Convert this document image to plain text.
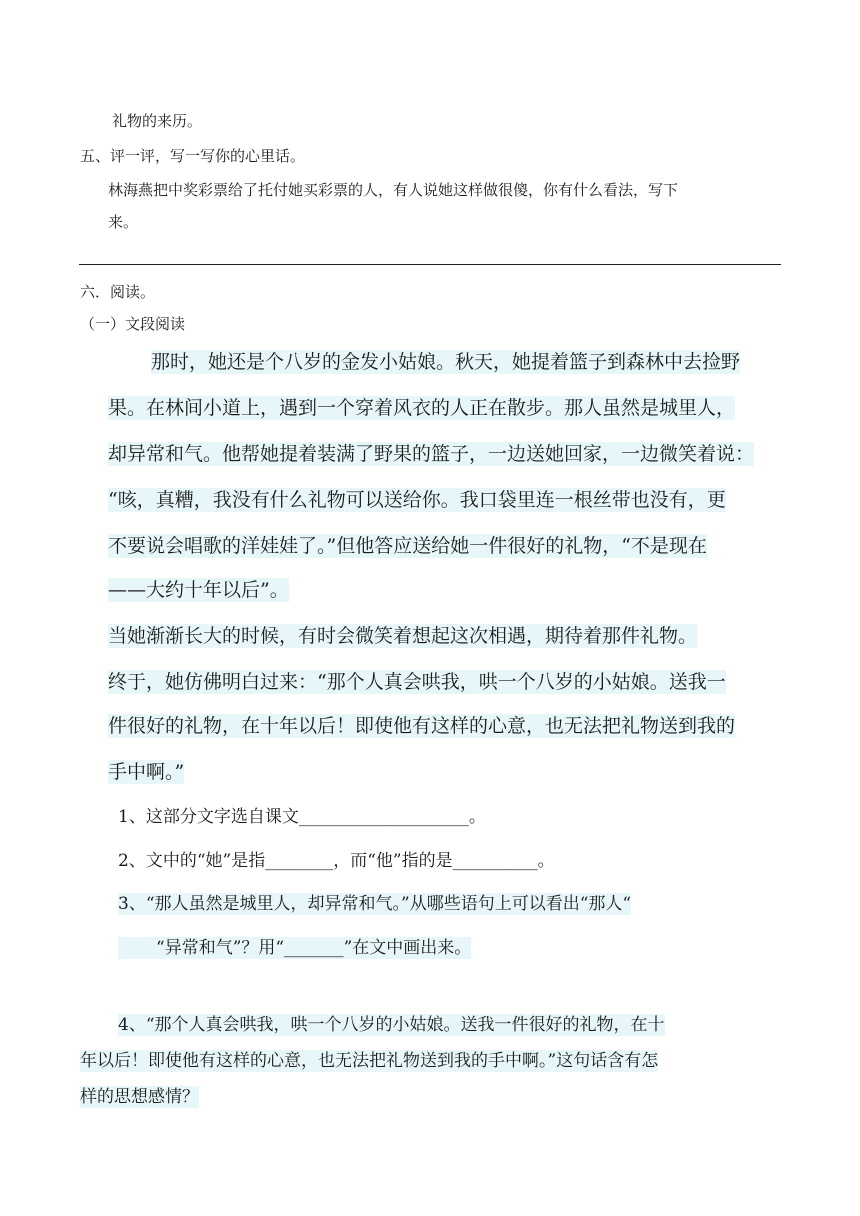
礼物的来历。
五、评一评，写一写你的心里话。
林海燕把中奖彩票给了托付她买彩票的人，有人说她这样做很傻，你有什么看法，写下
来。
六．阅读。
（一）文段阅读
那时，她还是个八岁的金发小姑娘。秋天，她提着篮子到森林中去捡野
果。在林间小道上，遇到一个穿着风衣的人正在散步。那人虽然是城里人，
却异常和气。他帮她提着装满了野果的篮子，一边送她回家，一边微笑着说：
“咳，真糟，我没有什么礼物可以送给你。我口袋里连一根丝带也没有，更
不要说会唱歌的洋娃娃了。”但他答应送给她一件很好的礼物，“不是现在
——大约十年以后”。
当她渐渐长大的时候，有时会微笑着想起这次相遇，期待着那件礼物。
终于，她仿佛明白过来：“那个人真会哄我，哄一个八岁的小姑娘。送我一
件很好的礼物，在十年以后！即使他有这样的心意，也无法把礼物送到我的
手中啊。”
1、这部分文字选自课文____________________。
2、文中的“她”是指________，而“他”指的是__________。
3、“那人虽然是城里人，却异常和气。”从哪些语句上可以看出“那人“
“异常和气”？用“_______”在文中画出来。
4、“那个人真会哄我，哄一个八岁的小姑娘。送我一件很好的礼物，在十
年以后！即使他有这样的心意，也无法把礼物送到我的手中啊。”这句话含有怎
样的思想感情？
